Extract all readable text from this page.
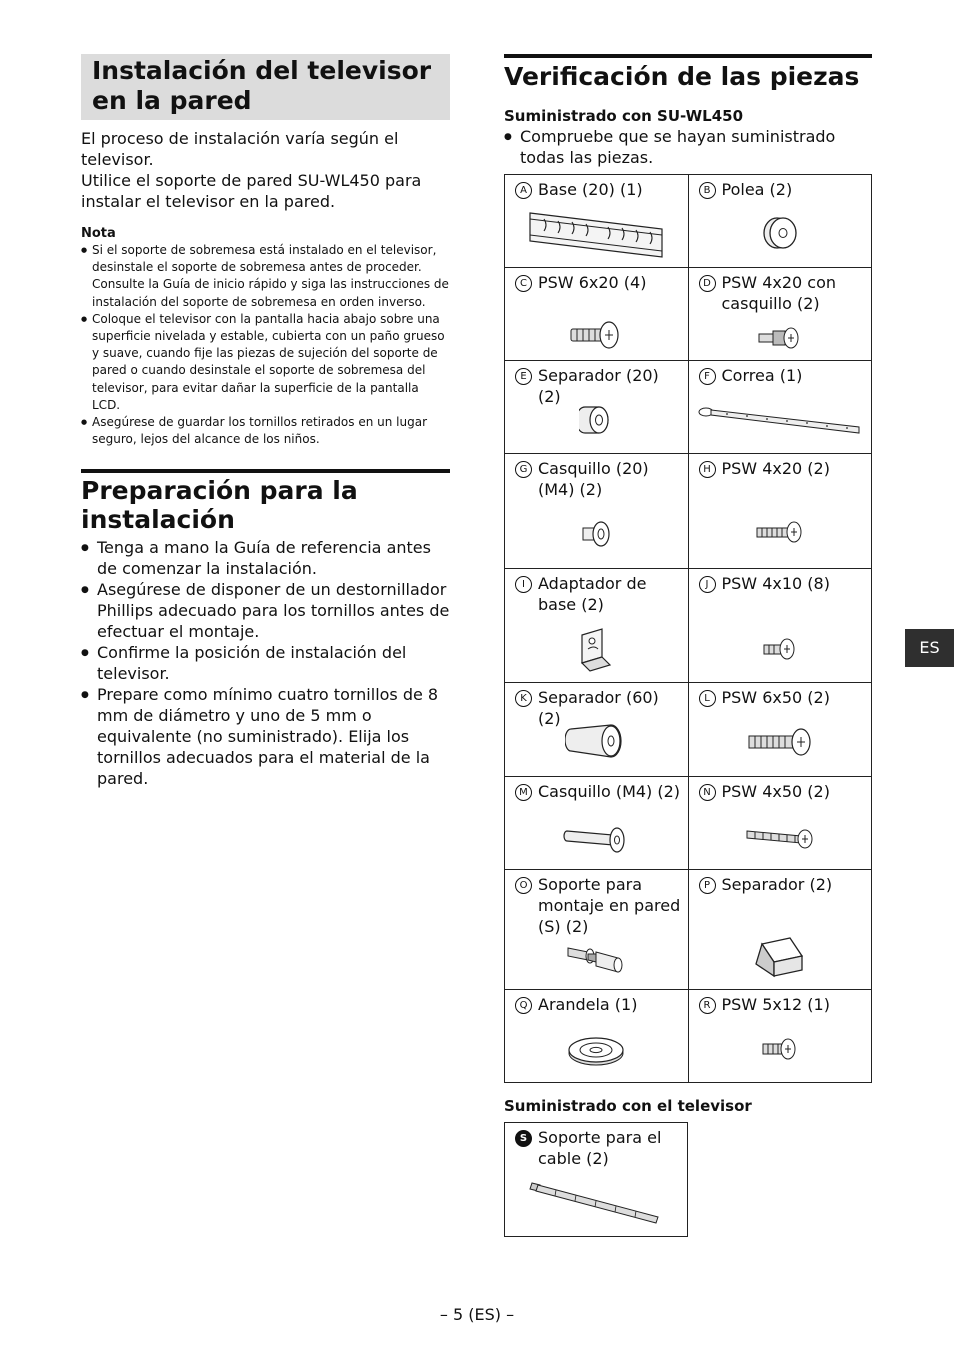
Instalación del televisor en la pared

El proceso de instalación varía según el televisor.

Utilice el soporte de pared SU-WL450 para instalar el televisor en la pared.

Nota

● Si el soporte de sobremesa está instalado en el televisor, desinstale el soporte de sobremesa antes de proceder. Consulte la Guía de inicio rápido y siga las instrucciones de instalación del soporte de sobremesa en orden inverso.
● Coloque el televisor con la pantalla hacia abajo sobre una superficie nivelada y estable, cubierta con un paño grueso y suave, cuando fije las piezas de sujeción del soporte de pared o cuando desinstale el soporte de sobremesa del televisor, para evitar dañar la superficie de la pantalla LCD.
● Asegúrese de guardar los tornillos retirados en un lugar seguro, lejos del alcance de los niños.
Preparación para la instalación
● Tenga a mano la Guía de referencia antes de comenzar la instalación.
● Asegúrese de disponer de un destornillador Phillips adecuado para los tornillos antes de efectuar el montaje.
● Confirme la posición de instalación del televisor.
● Prepare como mínimo cuatro tornillos de 8 mm de diámetro y uno de 5 mm o equivalente (no suministrado). Elija los tornillos adecuados para el material de la pared.
Verificación de las piezas

Suministrado con SU-WL450

● Compruebe que se hayan suministrado todas las piezas.
A Base (20) (1)	B Polea (2)

C PSW 6x20 (4)	D PSW 4x20 con casquillo (2)

E Separador (20) (2)	F Correa (1)

G Casquillo (20) (M4) (2)	H PSW 4x20 (2)

I Adaptador de base (2)	J PSW 4x10 (8)

K Separador (60) (2)	L PSW 6x50 (2)

M Casquillo (M4) (2)	N PSW 4x50 (2)

O Soporte para montaje en pared (S) (2)	P Separador (2)

Q Arandela (1)	R PSW 5x12 (1)

Suministrado con el televisor

S Soporte para el cable (2)
ES
– 5 (ES) –
